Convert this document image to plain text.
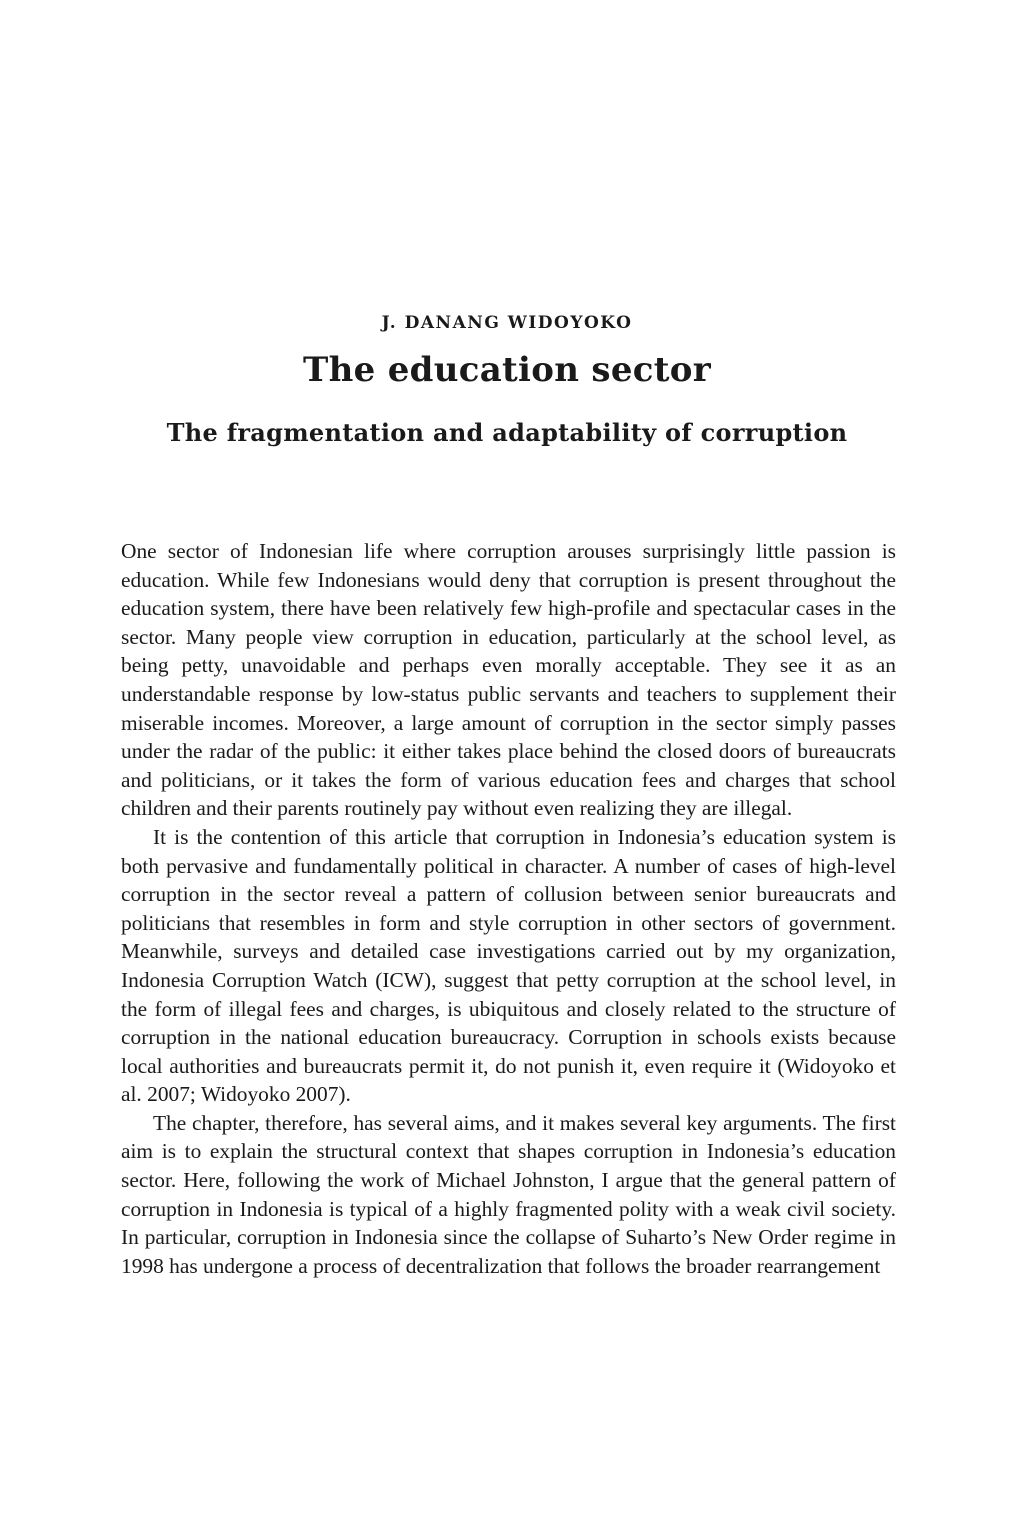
J. DANANG WIDOYOKO
The education sector
The fragmentation and adaptability of corruption

One sector of Indonesian life where corruption arouses surprisingly little passion is education. While few Indonesians would deny that corruption is present throughout the education system, there have been relatively few high-profile and spectacular cases in the sector. Many people view corruption in education, particularly at the school level, as being petty, unavoidable and perhaps even morally acceptable. They see it as an understandable response by low-status public servants and teachers to supplement their miserable incomes. Moreover, a large amount of corruption in the sector simply passes under the radar of the public: it either takes place behind the closed doors of bureaucrats and politicians, or it takes the form of various education fees and charges that school children and their parents routinely pay without even realizing they are illegal.

It is the contention of this article that corruption in Indonesia’s education system is both pervasive and fundamentally political in character. A number of cases of high-level corruption in the sector reveal a pattern of collusion between senior bureaucrats and politicians that resembles in form and style corruption in other sectors of government. Meanwhile, surveys and detailed case investigations carried out by my organization, Indonesia Corruption Watch (ICW), suggest that petty corruption at the school level, in the form of illegal fees and charges, is ubiquitous and closely related to the structure of corruption in the national education bureaucracy. Corruption in schools exists because local authorities and bureaucrats permit it, do not punish it, even require it (Widoyoko et al. 2007; Widoyoko 2007).

The chapter, therefore, has several aims, and it makes several key arguments. The first aim is to explain the structural context that shapes corruption in Indonesia’s education sector. Here, following the work of Michael Johnston, I argue that the general pattern of corruption in Indonesia is typical of a highly fragmented polity with a weak civil society. In particular, corruption in Indonesia since the collapse of Suharto’s New Order regime in 1998 has undergone a process of decentralization that follows the broader rearrangement
